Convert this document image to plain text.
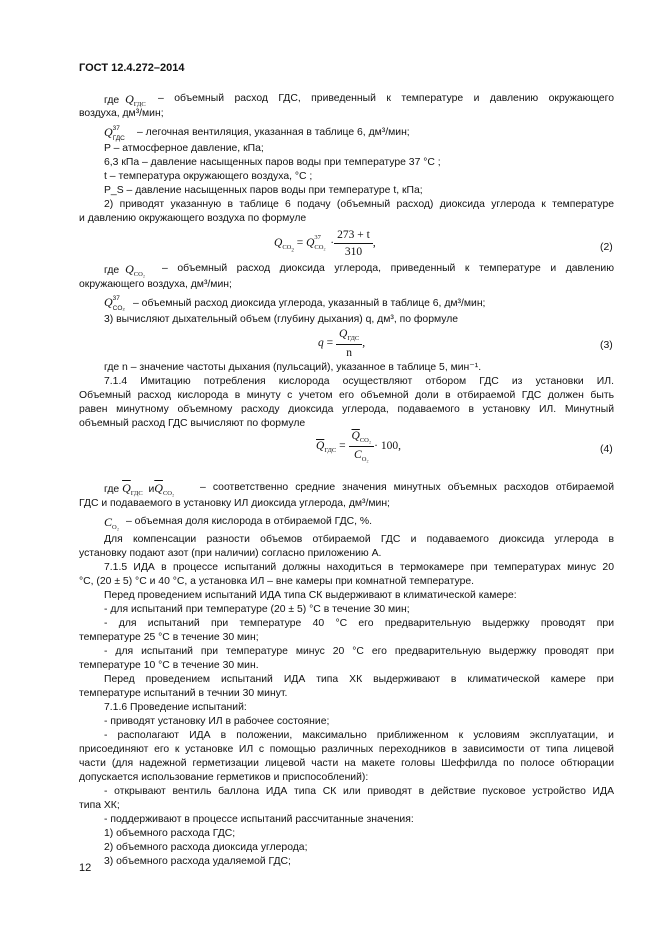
ГОСТ 12.4.272–2014
где  $Q_{ГДС}$
– объемный расход ГДС, приведенный к температуре и давлению окружающего
воздуха, дм³/мин;
Q 37
ГДС
– легочная вентиляция, указанная в таблице 6, дм³/мин;
P – атмосферное давление, кПа;
6,3 кПа – давление насыщенных паров воды при температуре 37 °С ;
t – температура окружающего воздуха, °С ;
P_S – давление насыщенных паров воды при температуре t, кПа;
2) приводят указанную в таблице 6 подачу (объемный расход) диоксида углерода к температуре
и давлению окружающего воздуха по формуле
$Q_{CO_2} = Q$
37
$CO_2 \cdot \frac{273 + t}{310}$ ,	(2)
где  $Q_{CO_2}$
– объемный расход диоксида углерода, приведенный к температуре и давлению
окружающего воздуха, дм³/мин;
Q 37
CO₂ – объемный расход диоксида углерода, указанный в таблице 6, дм³/мин;
3) вычисляют дыхательный объем (глубину дыхания) q, дм³, по формуле
$q = \frac{Q_{ГДС}}{n}$ ,	(3)
где n – значение частоты дыхания (пульсаций), указанное в таблице 5, мин⁻¹.
7.1.4 Имитацию потребления кислорода осуществляют отбором ГДС из установки ИЛ.
Объемный расход кислорода в минуту с учетом его объемной доли в отбираемой ГДС должен быть
равен минутному объемному расходу диоксида углерода, подаваемого в установку ИЛ. Минутный
объемный расход ГДС вычисляют по формуле
$\overline{Q}_{ГДС} = \frac{\overline{Q}_{CO_2}}{C_{O_2}} \cdot 100$,	(4)
где $\overline{Q}_{ГДС}$  $и\overline{Q}_{CO_2}$
– соответственно средние значения минутных объемных расходов отбираемой
ГДС и подаваемого в установку ИЛ диоксида углерода, дм³/мин;
$C_{O_2}$
– объемная доля кислорода в отбираемой ГДС, %.
Для компенсации разности объемов отбираемой ГДС и подаваемого диоксида углерода в
установку подают азот (при наличии) согласно приложению А.
7.1.5 ИДА в процессе испытаний должны находиться в термокамере при температурах минус 20
°С, (20 ± 5) °С и 40 °С, а установка ИЛ – вне камеры при комнатной температуре.
Перед проведением испытаний ИДА типа СК выдерживают в климатической камере:
- для испытаний при температуре (20 ± 5) °С в течение 30 мин;
- для испытаний при температуре 40 °С его предварительную выдержку проводят при
температуре 25 °С в течение 30 мин;
- для испытаний при температуре минус 20 °С его предварительную выдержку проводят при
температуре 10 °С в течение 30 мин.
Перед проведением испытаний ИДА типа ХК выдерживают в климатической камере при
температуре испытаний в течнии 30 минут.
7.1.6 Проведение испытаний:
- приводят установку ИЛ в рабочее состояние;
- располагают ИДА в положении, максимально приближенном к условиям эксплуатации, и
присоединяют его к установке ИЛ с помощью различных переходников в зависимости от типа лицевой
части (для надежной герметизации лицевой части на макете головы Шеффилда по полосе обтюрации
допускается использование герметиков и приспособлений):
- открывают вентиль баллона ИДА типа СК или приводят в действие пусковое устройство ИДА
типа ХК;
- поддерживают в процессе испытаний рассчитанные значения:
1) объемного расхода ГДС;
2) объемного расхода диоксида углерода;
3) объемного расхода удаляемой ГДС;
12
